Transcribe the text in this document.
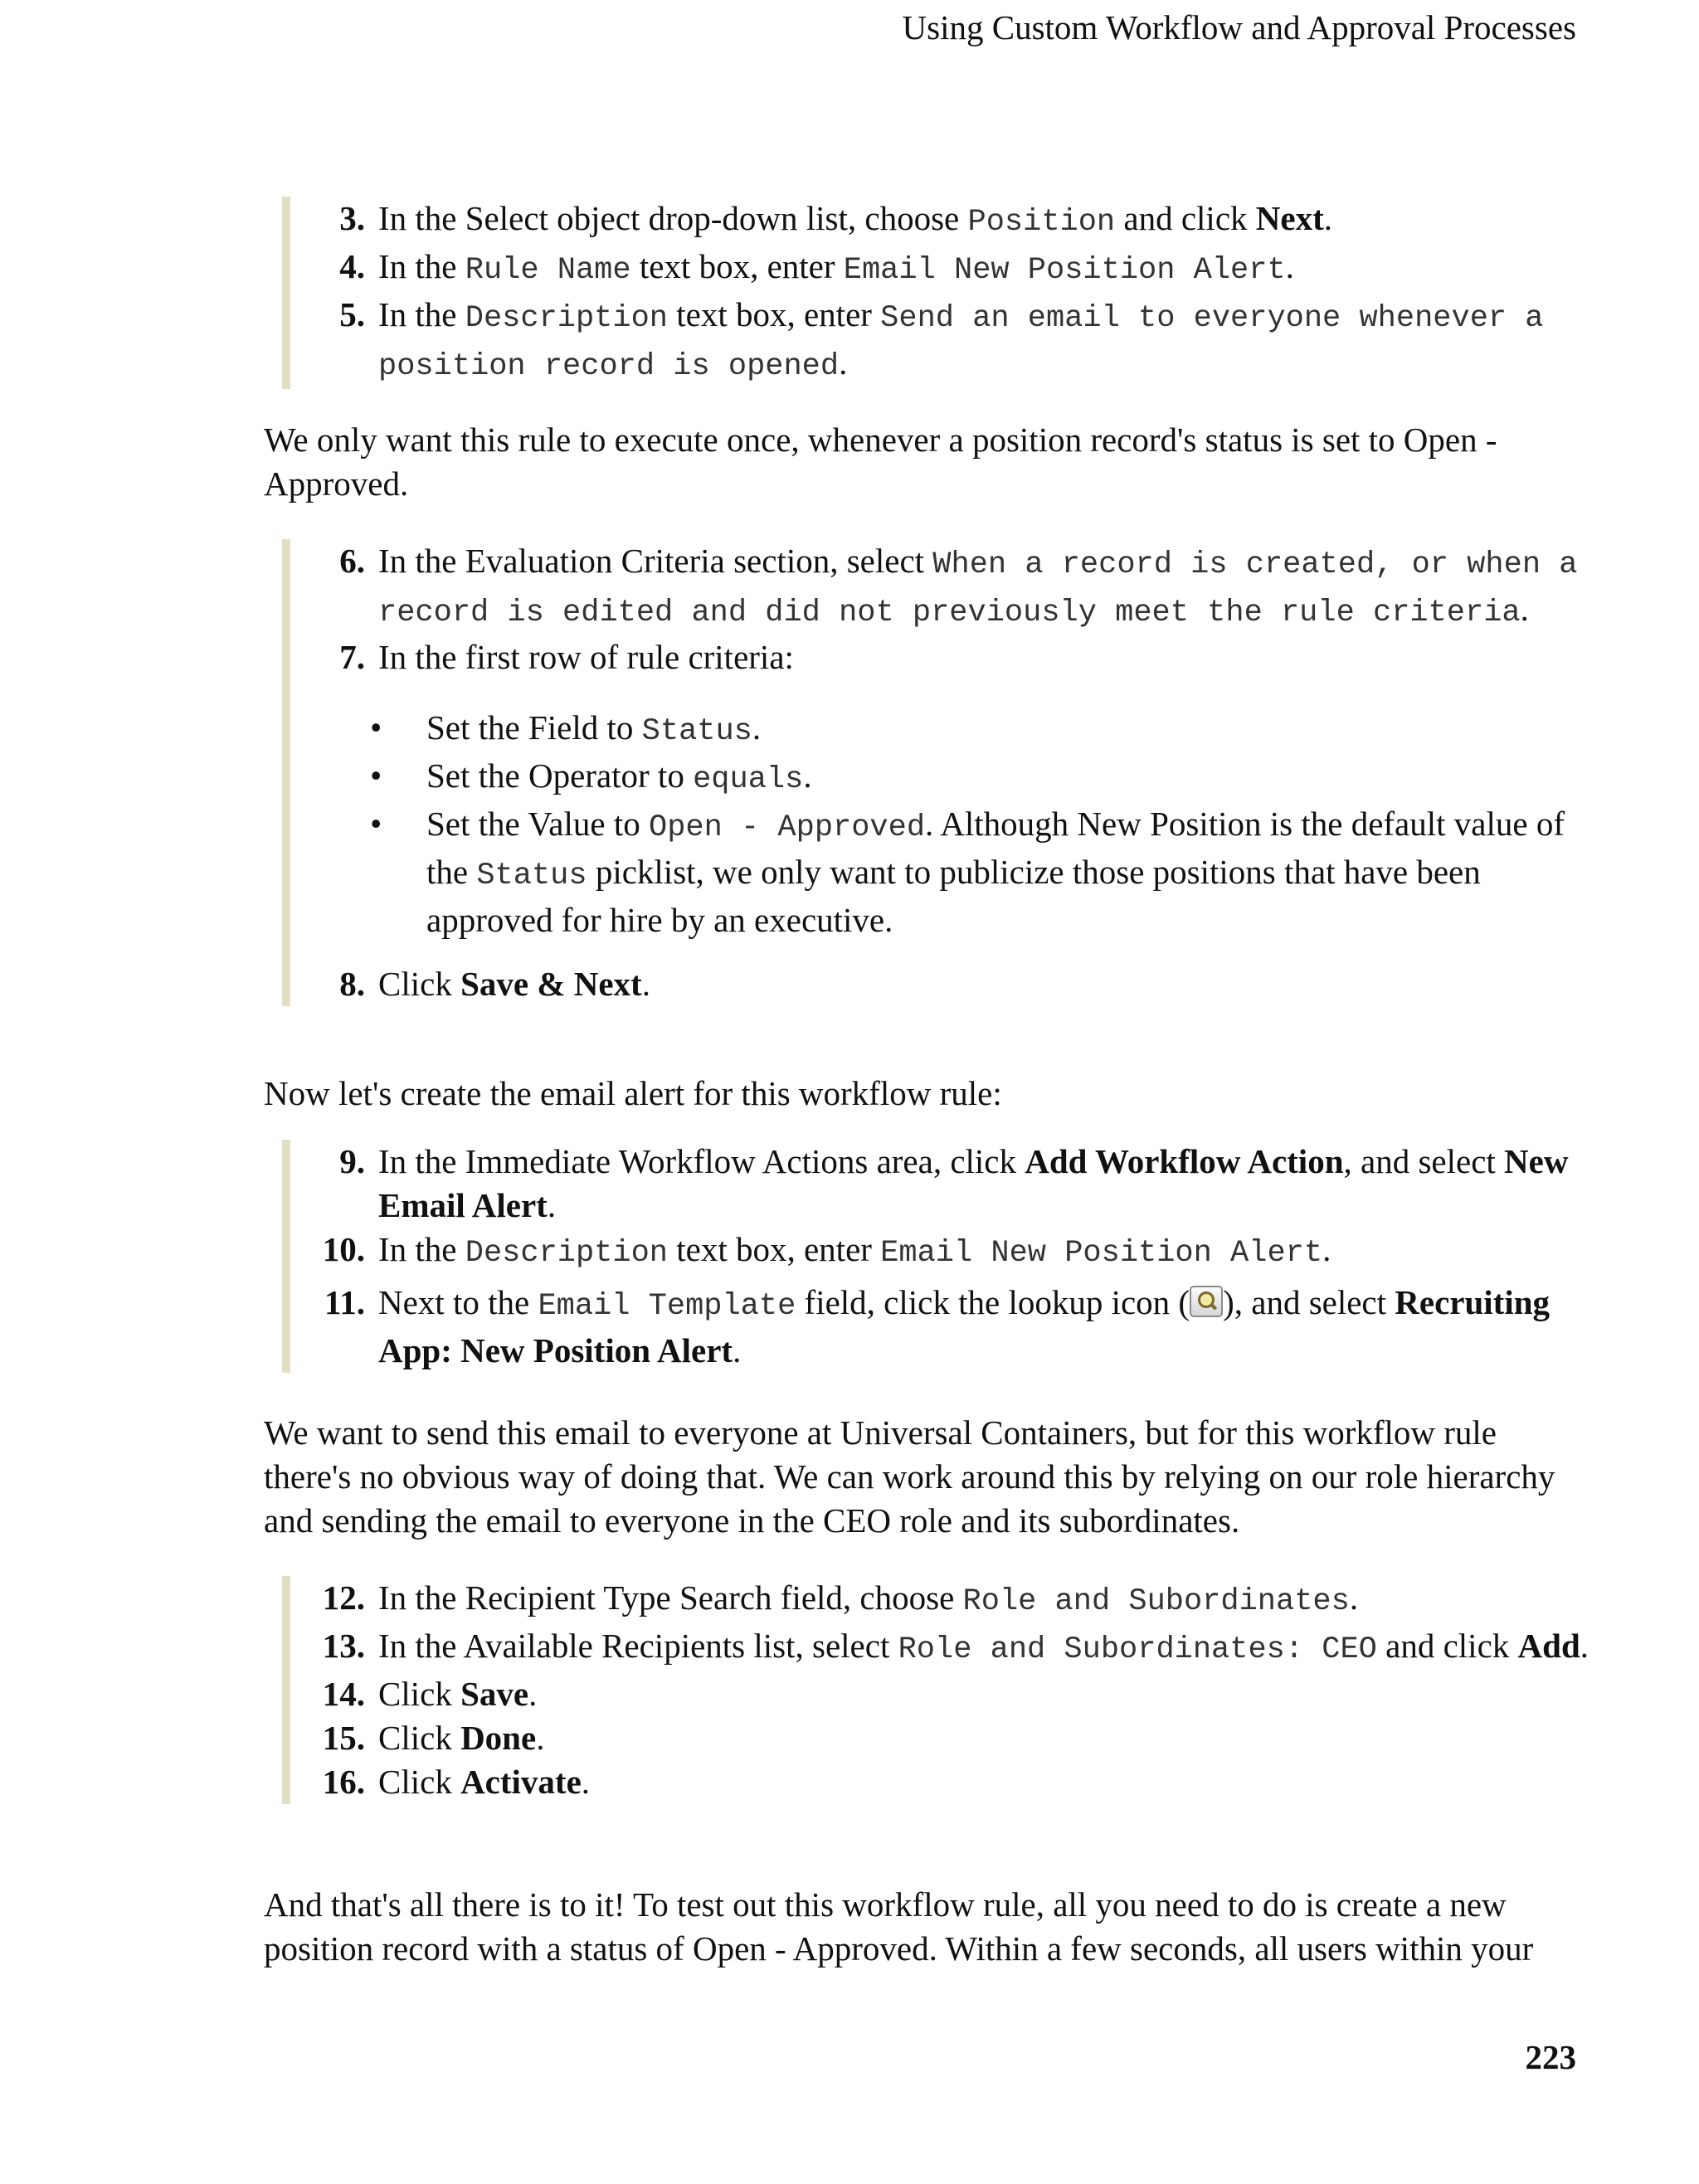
Using Custom Workflow and Approval Processes
3. In the Select object drop-down list, choose Position and click Next.
4. In the Rule Name text box, enter Email New Position Alert.
5. In the Description text box, enter Send an email to everyone whenever a position record is opened.
We only want this rule to execute once, whenever a position record's status is set to Open - Approved.
6. In the Evaluation Criteria section, select When a record is created, or when a record is edited and did not previously meet the rule criteria.
7. In the first row of rule criteria:
• Set the Field to Status.
• Set the Operator to equals.
• Set the Value to Open - Approved. Although New Position is the default value of the Status picklist, we only want to publicize those positions that have been approved for hire by an executive.
8. Click Save & Next.
Now let's create the email alert for this workflow rule:
9. In the Immediate Workflow Actions area, click Add Workflow Action, and select New Email Alert.
10. In the Description text box, enter Email New Position Alert.
11. Next to the Email Template field, click the lookup icon ( ), and select Recruiting App: New Position Alert.
We want to send this email to everyone at Universal Containers, but for this workflow rule there's no obvious way of doing that. We can work around this by relying on our role hierarchy and sending the email to everyone in the CEO role and its subordinates.
12. In the Recipient Type Search field, choose Role and Subordinates.
13. In the Available Recipients list, select Role and Subordinates: CEO and click Add.
14. Click Save.
15. Click Done.
16. Click Activate.
And that's all there is to it! To test out this workflow rule, all you need to do is create a new position record with a status of Open - Approved. Within a few seconds, all users within your
223
